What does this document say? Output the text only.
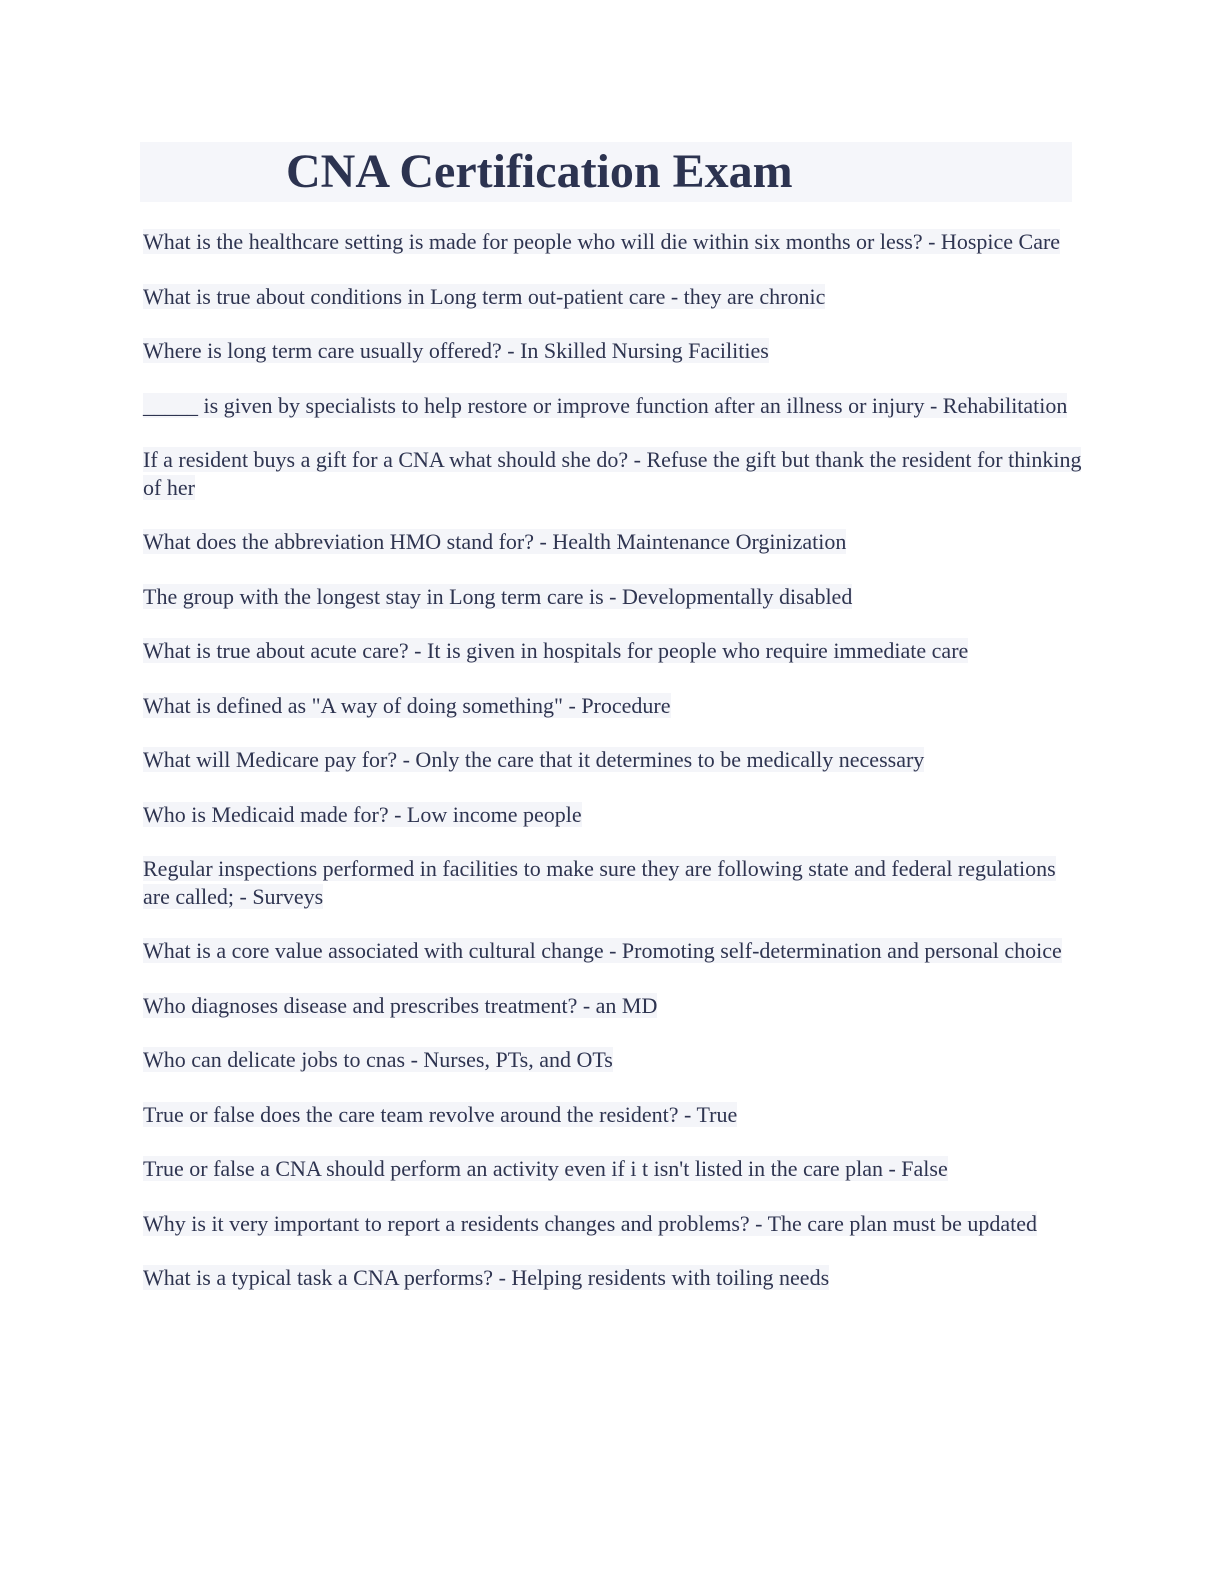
CNA Certification Exam
What is the healthcare setting is made for people who will die within six months or less? - Hospice Care
What is true about conditions in Long term out-patient care - they are chronic
Where is long term care usually offered? - In Skilled Nursing Facilities
_____ is given by specialists to help restore or improve function after an illness or injury - Rehabilitation
If a resident buys a gift for a CNA what should she do? - Refuse the gift but thank the resident for thinking of her
What does the abbreviation HMO stand for? - Health Maintenance Orginization
The group with the longest stay in Long term care is - Developmentally disabled
What is true about acute care? - It is given in hospitals for people who require immediate care
What is defined as "A way of doing something" - Procedure
What will Medicare pay for? - Only the care that it determines to be medically necessary
Who is Medicaid made for? - Low income people
Regular inspections performed in facilities to make sure they are following state and federal regulations are called; - Surveys
What is a core value associated with cultural change - Promoting self-determination and personal choice
Who diagnoses disease and prescribes treatment? - an MD
Who can delicate jobs to cnas - Nurses, PTs, and OTs
True or false does the care team revolve around the resident? - True
True or false a CNA should perform an activity even if i t isn't listed in the care plan - False
Why is it very important to report a residents changes and problems? - The care plan must be updated
What is a typical task a CNA performs? - Helping residents with toiling needs
